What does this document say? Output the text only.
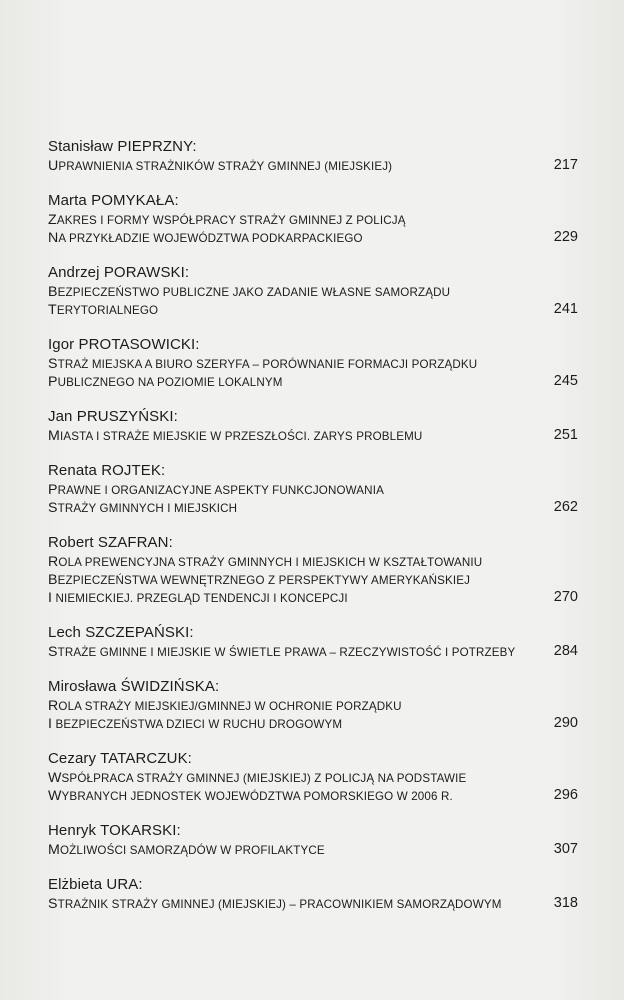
Stanisław PIEPRZNY:
UPRAWNIENIA STRAŻNIKÓW STRAŻY GMINNEJ (MIEJSKIEJ)	217
Marta POMYKAŁA:
ZAKRES I FORMY WSPÓŁPRACY STRAŻY GMINNEJ Z POLICJĄ
NA PRZYKŁADZIE WOJEWÓDZTWA PODKARPACKIEGO	229
Andrzej PORAWSKI:
BEZPIECZEŃSTWO PUBLICZNE JAKO ZADANIE WŁASNE SAMORZĄDU
TERYTORIALNEGO	241
Igor PROTASOWICKI:
STRAŻ MIEJSKA A BIURO SZERYFA – PORÓWNANIE FORMACJI PORZĄDKU
PUBLICZNEGO NA POZIOMIE LOKALNYM	245
Jan PRUSZYŃSKI:
MIASTA I STRAŻE MIEJSKIE W PRZESZŁOŚCI. ZARYS PROBLEMU	251
Renata ROJTEK:
PRAWNE I ORGANIZACYJNE ASPEKTY FUNKCJONOWANIA
STRAŻY GMINNYCH I MIEJSKICH	262
Robert SZAFRAN:
ROLA PREWENCYJNA STRAŻY GMINNYCH I MIEJSKICH W KSZTAŁTOWANIU
BEZPIECZEŃSTWA WEWNĘTRZNEGO Z PERSPEKTYWY AMERYKAŃSKIEJ
I NIEMIECKIEJ. PRZEGLĄD TENDENCJI I KONCEPCJI	270
Lech SZCZEPAŃSKI:
STRAŻE GMINNE I MIEJSKIE W ŚWIETLE PRAWA – RZECZYWISTOŚĆ I POTRZEBY	284
Mirosława ŚWIDZIŃSKA:
ROLA STRAŻY MIEJSKIEJ/GMINNEJ W OCHRONIE PORZĄDKU
I BEZPIECZEŃSTWA DZIECI W RUCHU DROGOWYM	290
Cezary TATARCZUK:
WSPÓŁPRACA STRAŻY GMINNEJ (MIEJSKIEJ) Z POLICJĄ NA PODSTAWIE
WYBRANYCH JEDNOSTEK WOJEWÓDZTWA POMORSKIEGO W 2006 R.	296
Henryk TOKARSKI:
MOŻLIWOŚCI SAMORZĄDÓW W PROFILAKTYCE	307
Elżbieta URA:
STRAŻNIK STRAŻY GMINNEJ (MIEJSKIEJ) – PRACOWNIKIEM SAMORZĄDOWYM	318
